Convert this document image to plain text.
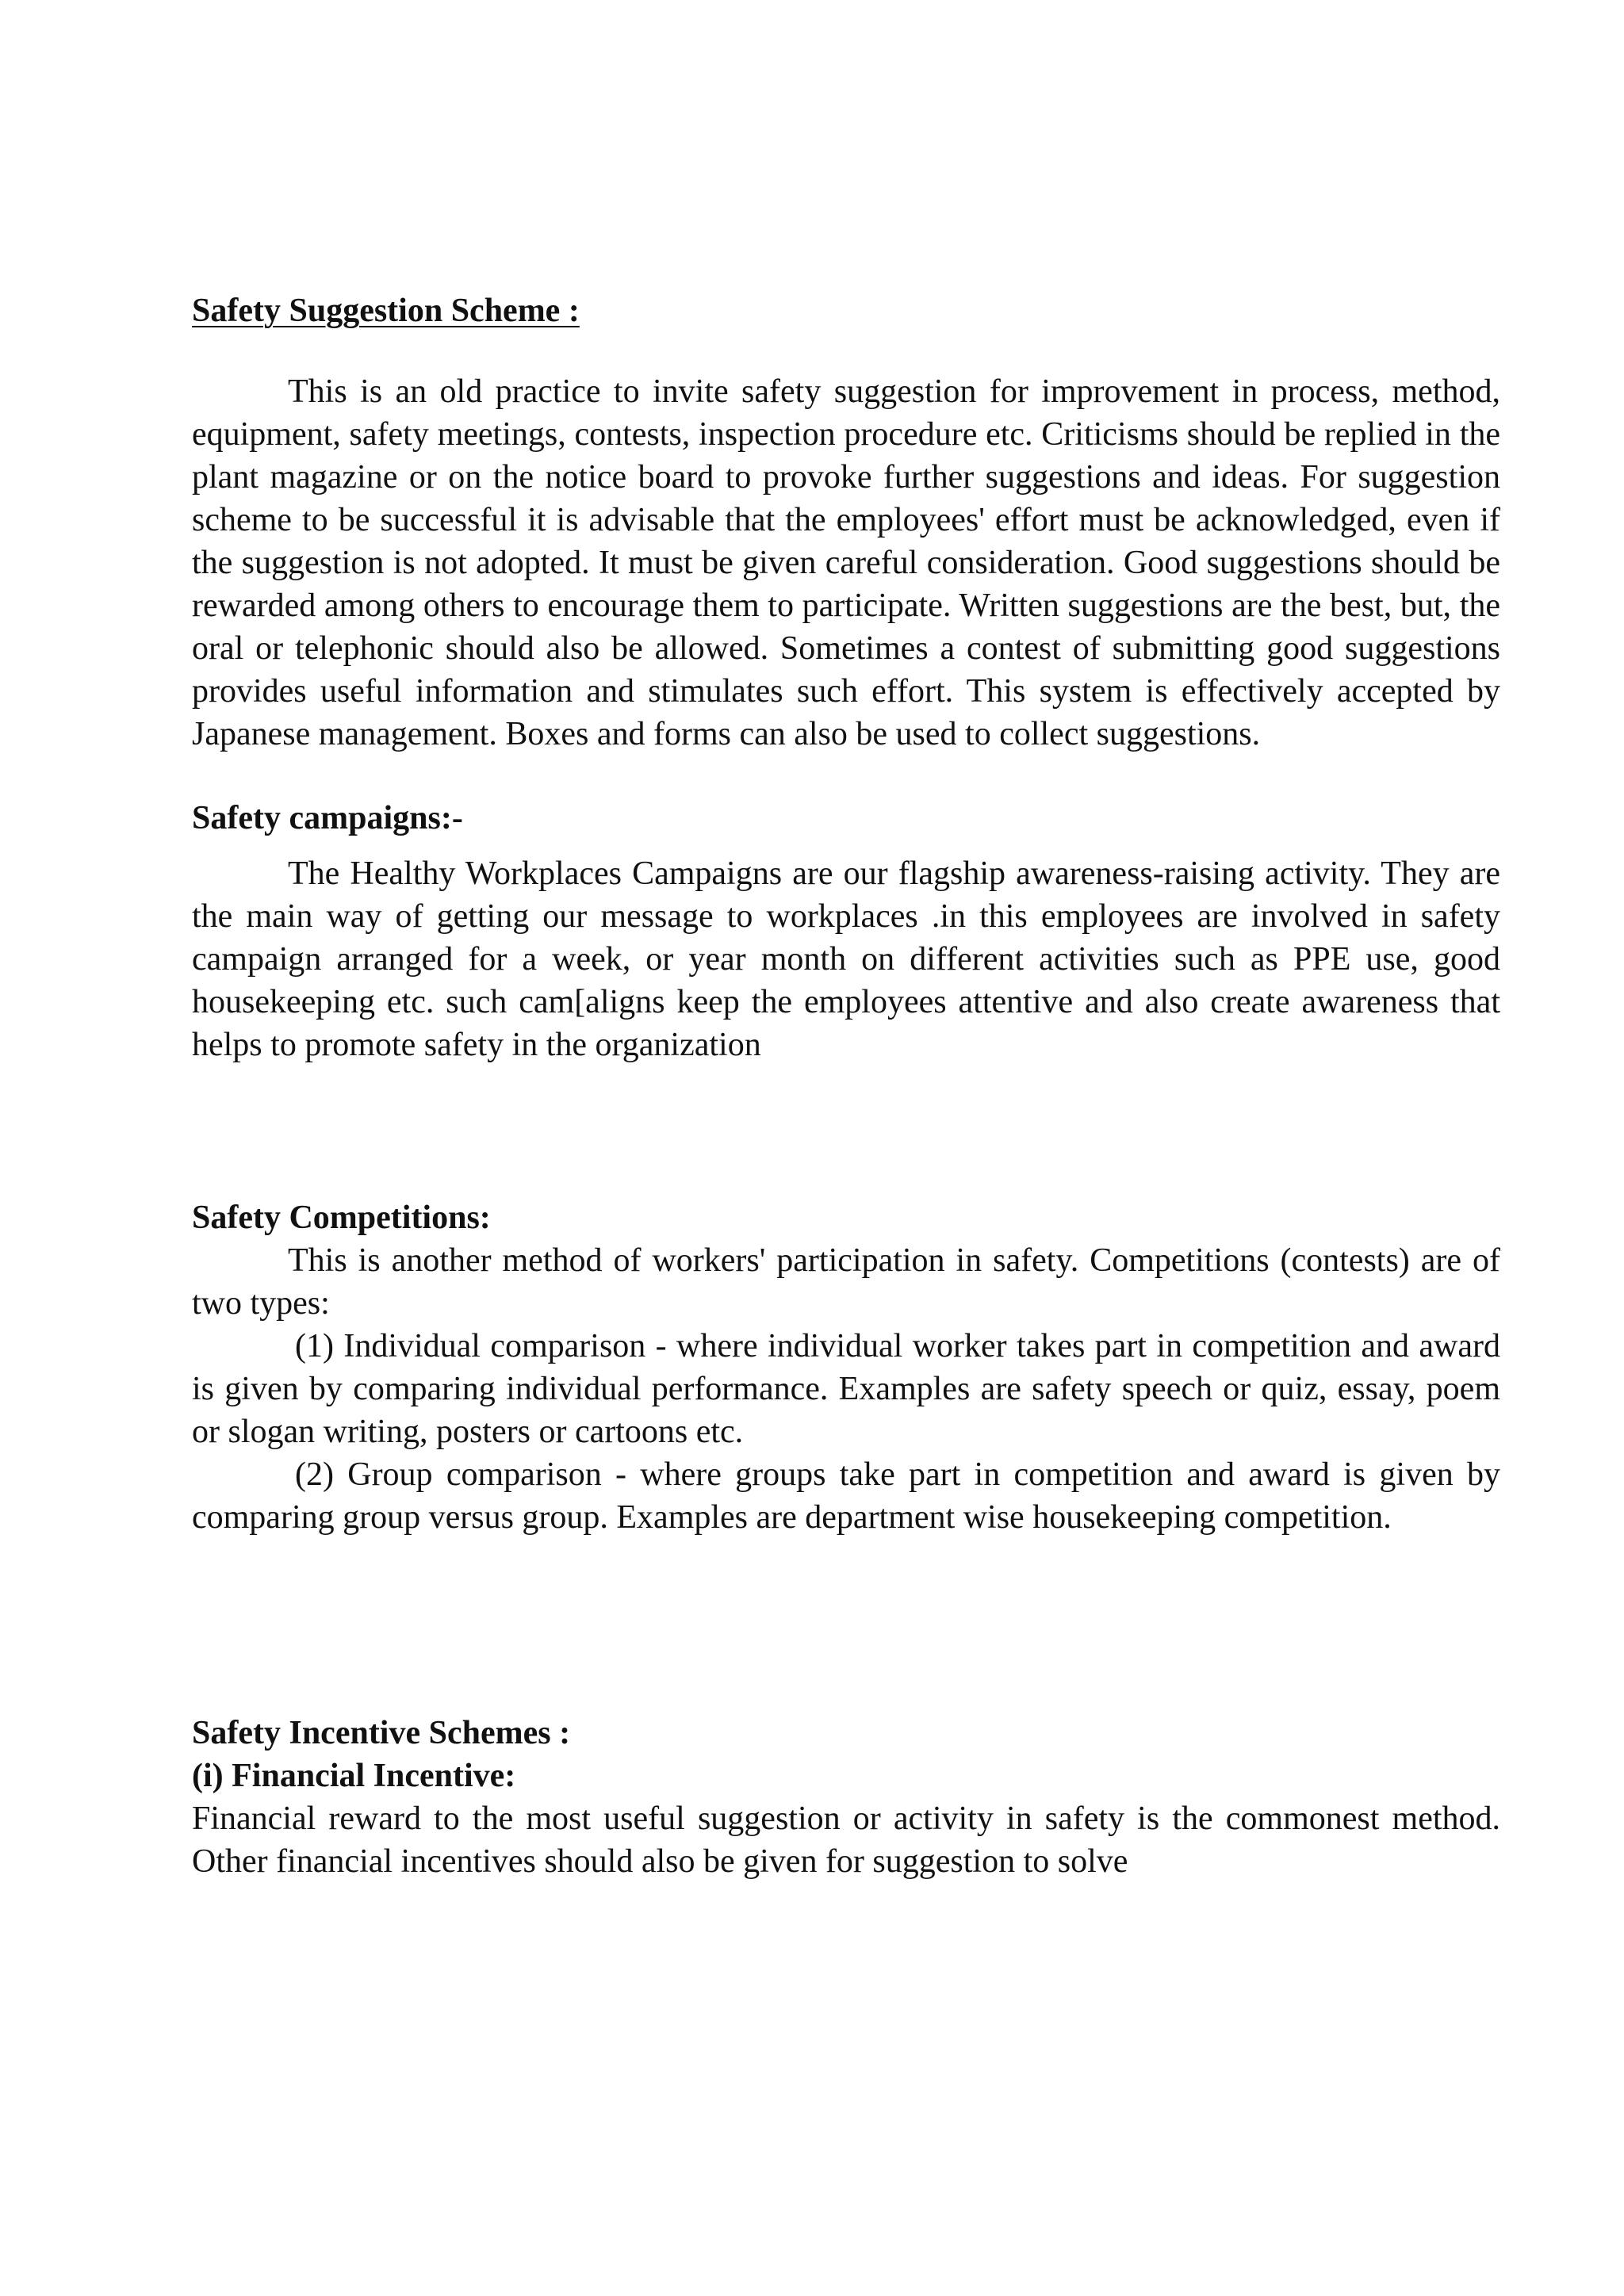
Safety Suggestion Scheme :

This is an old practice to invite safety suggestion for improvement in process, method, equipment, safety meetings, contests, inspection procedure etc. Criticisms should be replied in the plant magazine or on the notice board to provoke further suggestions and ideas. For suggestion scheme to be successful it is advisable that the employees' effort must be acknowledged, even if the suggestion is not adopted. It must be given careful consideration. Good suggestions should be rewarded among others to encourage them to participate. Written suggestions are the best, but, the oral or telephonic should also be allowed. Sometimes a contest of submitting good suggestions provides useful information and stimulates such effort. This system is effectively accepted by Japanese management. Boxes and forms can also be used to collect suggestions.

Safety campaigns:-

The Healthy Workplaces Campaigns are our flagship awareness-raising activity. They are the main way of getting our message to workplaces .in this employees are involved in safety campaign arranged for a week, or year month on different activities such as PPE use, good housekeeping etc. such cam[aligns keep the employees attentive and also create awareness that helps to promote safety in the organization

Safety Competitions:

This is another method of workers' participation in safety. Competitions (contests) are of two types:

(1) Individual comparison - where individual worker takes part in competition and award is given by comparing individual performance. Examples are safety speech or quiz, essay, poem or slogan writing, posters or cartoons etc.

(2) Group comparison - where groups take part in competition and award is given by comparing group versus group. Examples are department wise housekeeping competition.

Safety Incentive Schemes :

(i) Financial Incentive:

Financial reward to the most useful suggestion or activity in safety is the commonest method. Other financial incentives should also be given for suggestion to solve
